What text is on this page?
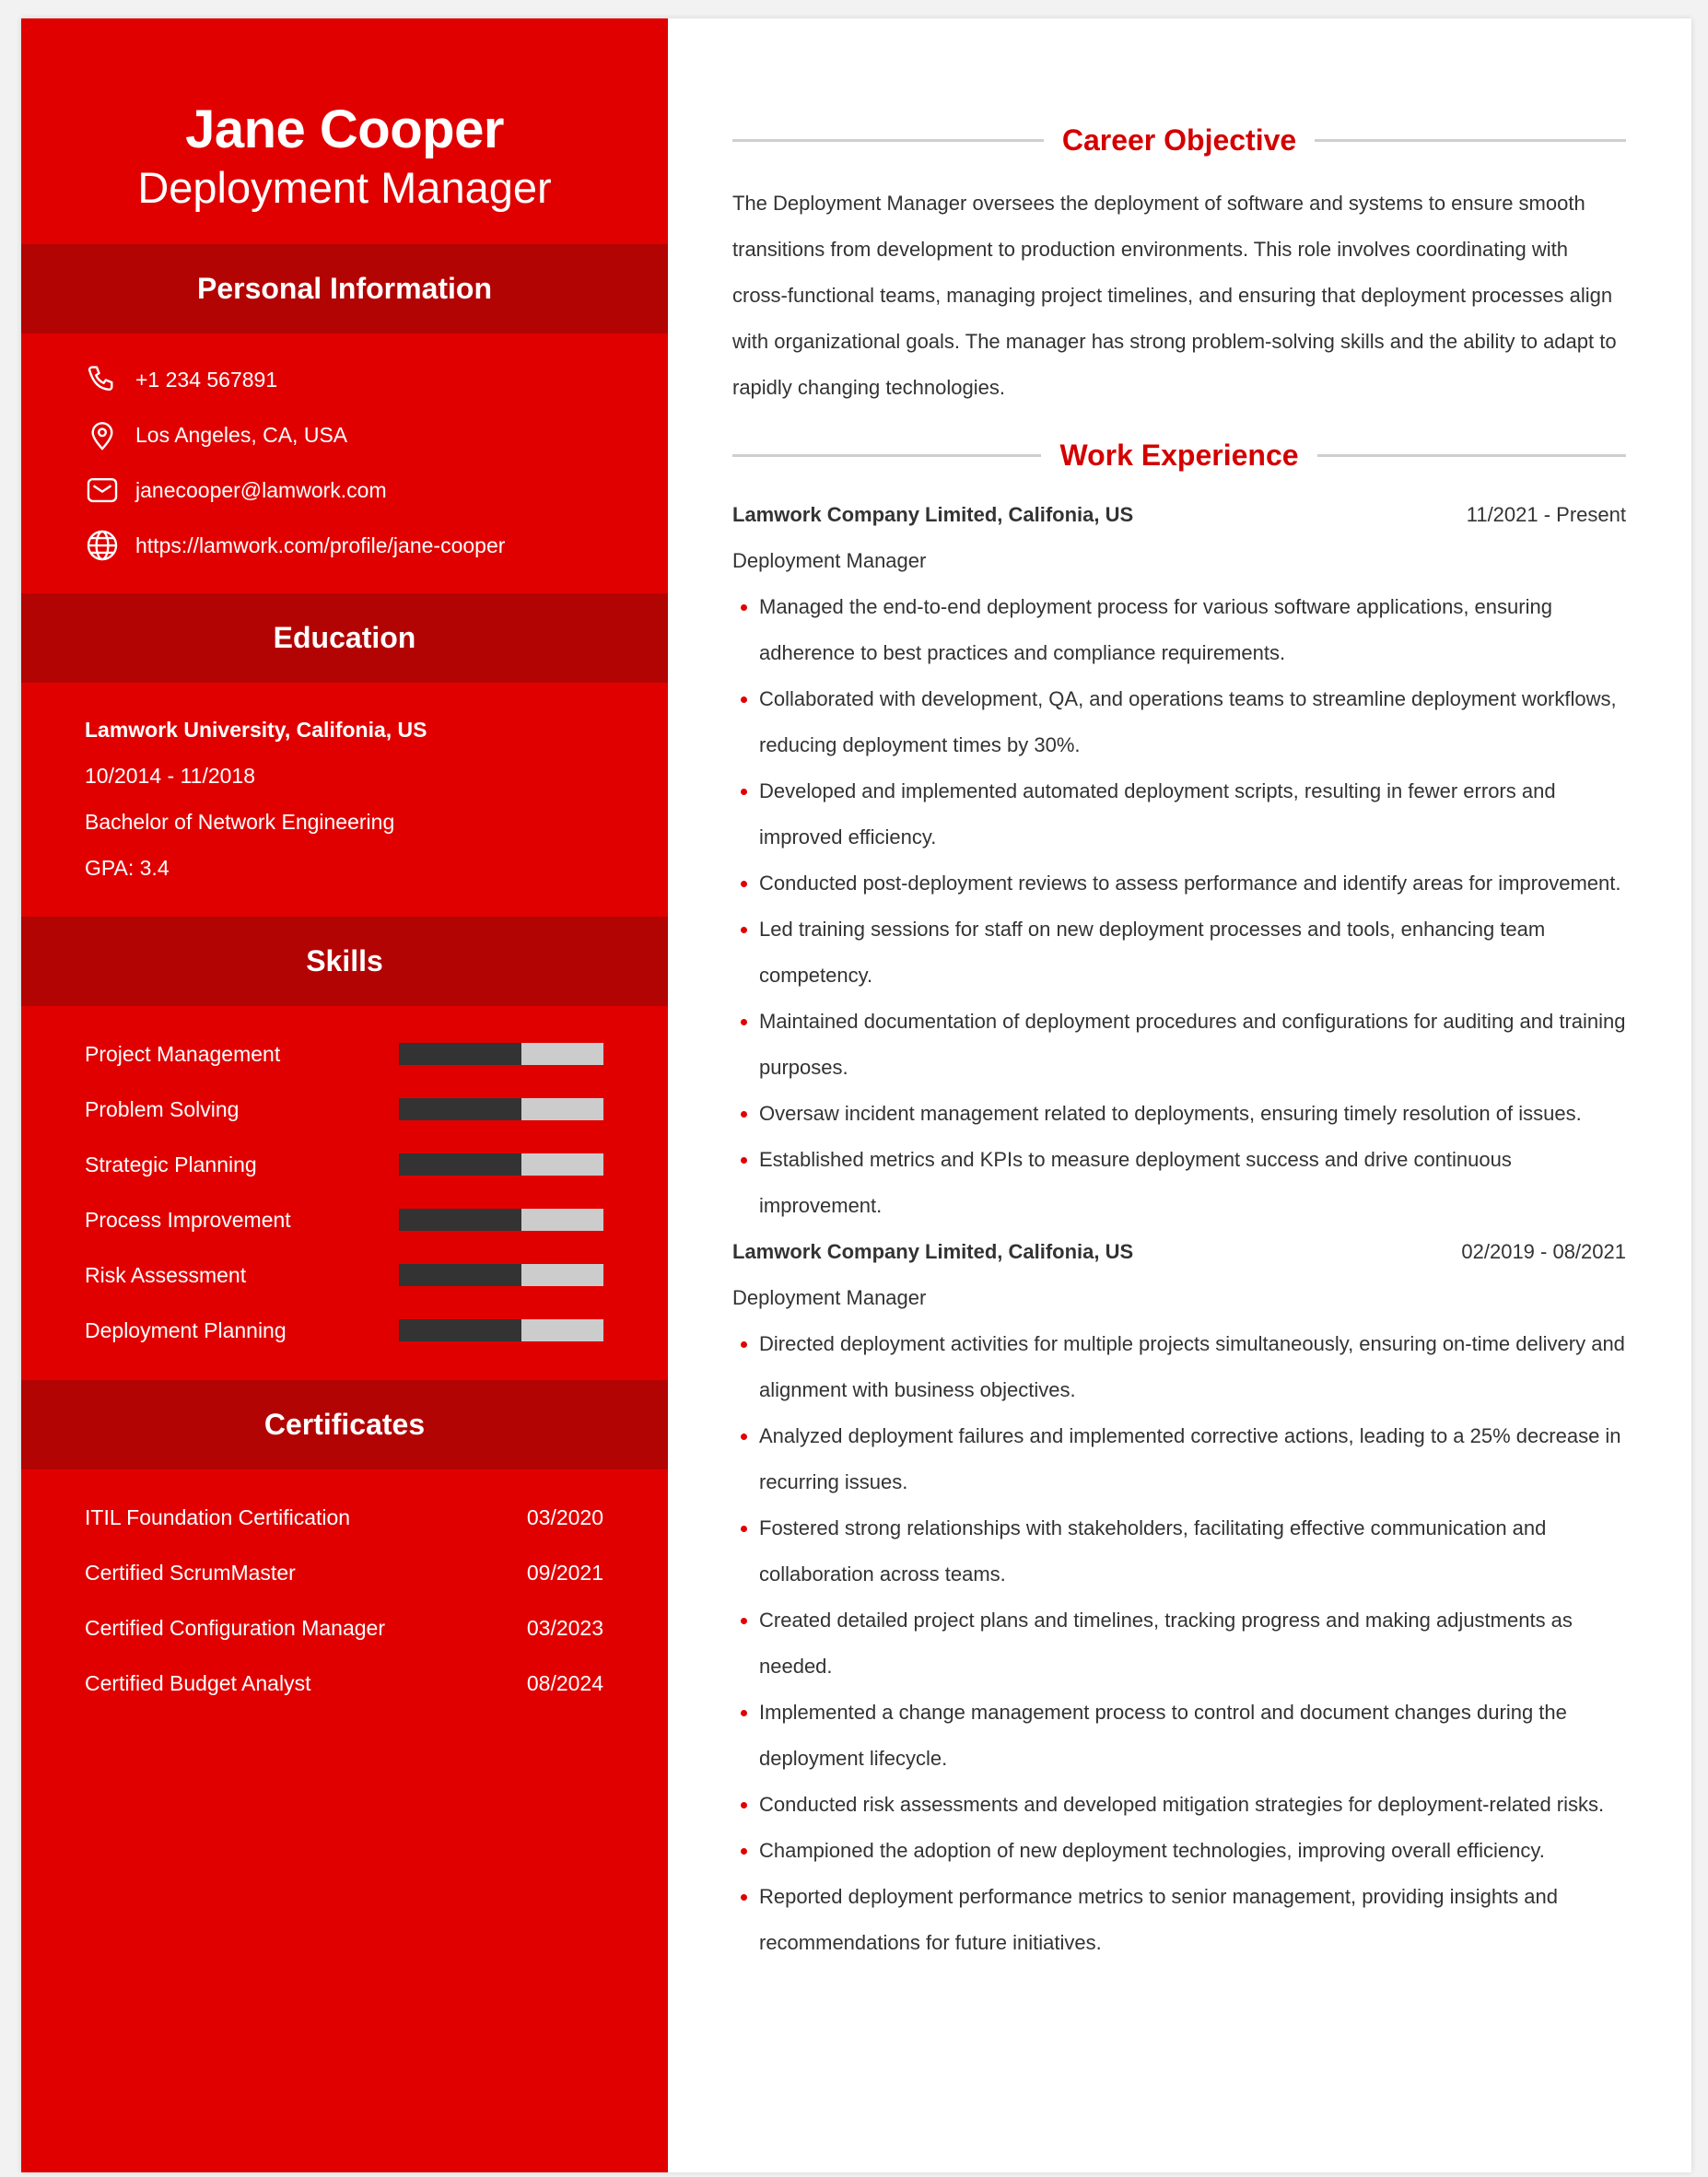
Jane Cooper
Deployment Manager
Personal Information
+1 234 567891
Los Angeles, CA, USA
janecooper@lamwork.com
https://lamwork.com/profile/jane-cooper
Education
Lamwork University, Califonia, US
10/2014 - 11/2018
Bachelor of Network Engineering
GPA: 3.4
Skills
Project Management
Problem Solving
Strategic Planning
Process Improvement
Risk Assessment
Deployment Planning
Certificates
ITIL Foundation Certification	03/2020
Certified ScrumMaster	09/2021
Certified Configuration Manager	03/2023
Certified Budget Analyst	08/2024
Career Objective

The Deployment Manager oversees the deployment of software and systems to ensure smooth transitions from development to production environments. This role involves coordinating with cross-functional teams, managing project timelines, and ensuring that deployment processes align with organizational goals. The manager has strong problem-solving skills and the ability to adapt to rapidly changing technologies.

Work Experience
Lamwork Company Limited, Califonia, US	11/2021 - Present
Deployment Manager
• Managed the end-to-end deployment process for various software applications, ensuring adherence to best practices and compliance requirements.
• Collaborated with development, QA, and operations teams to streamline deployment workflows, reducing deployment times by 30%.
• Developed and implemented automated deployment scripts, resulting in fewer errors and improved efficiency.
• Conducted post-deployment reviews to assess performance and identify areas for improvement.
• Led training sessions for staff on new deployment processes and tools, enhancing team competency.
• Maintained documentation of deployment procedures and configurations for auditing and training purposes.
• Oversaw incident management related to deployments, ensuring timely resolution of issues.
• Established metrics and KPIs to measure deployment success and drive continuous improvement.
Lamwork Company Limited, Califonia, US	02/2019 - 08/2021
Deployment Manager
• Directed deployment activities for multiple projects simultaneously, ensuring on-time delivery and alignment with business objectives.
• Analyzed deployment failures and implemented corrective actions, leading to a 25% decrease in recurring issues.
• Fostered strong relationships with stakeholders, facilitating effective communication and collaboration across teams.
• Created detailed project plans and timelines, tracking progress and making adjustments as needed.
• Implemented a change management process to control and document changes during the deployment lifecycle.
• Conducted risk assessments and developed mitigation strategies for deployment-related risks.
• Championed the adoption of new deployment technologies, improving overall efficiency.
• Reported deployment performance metrics to senior management, providing insights and recommendations for future initiatives.
